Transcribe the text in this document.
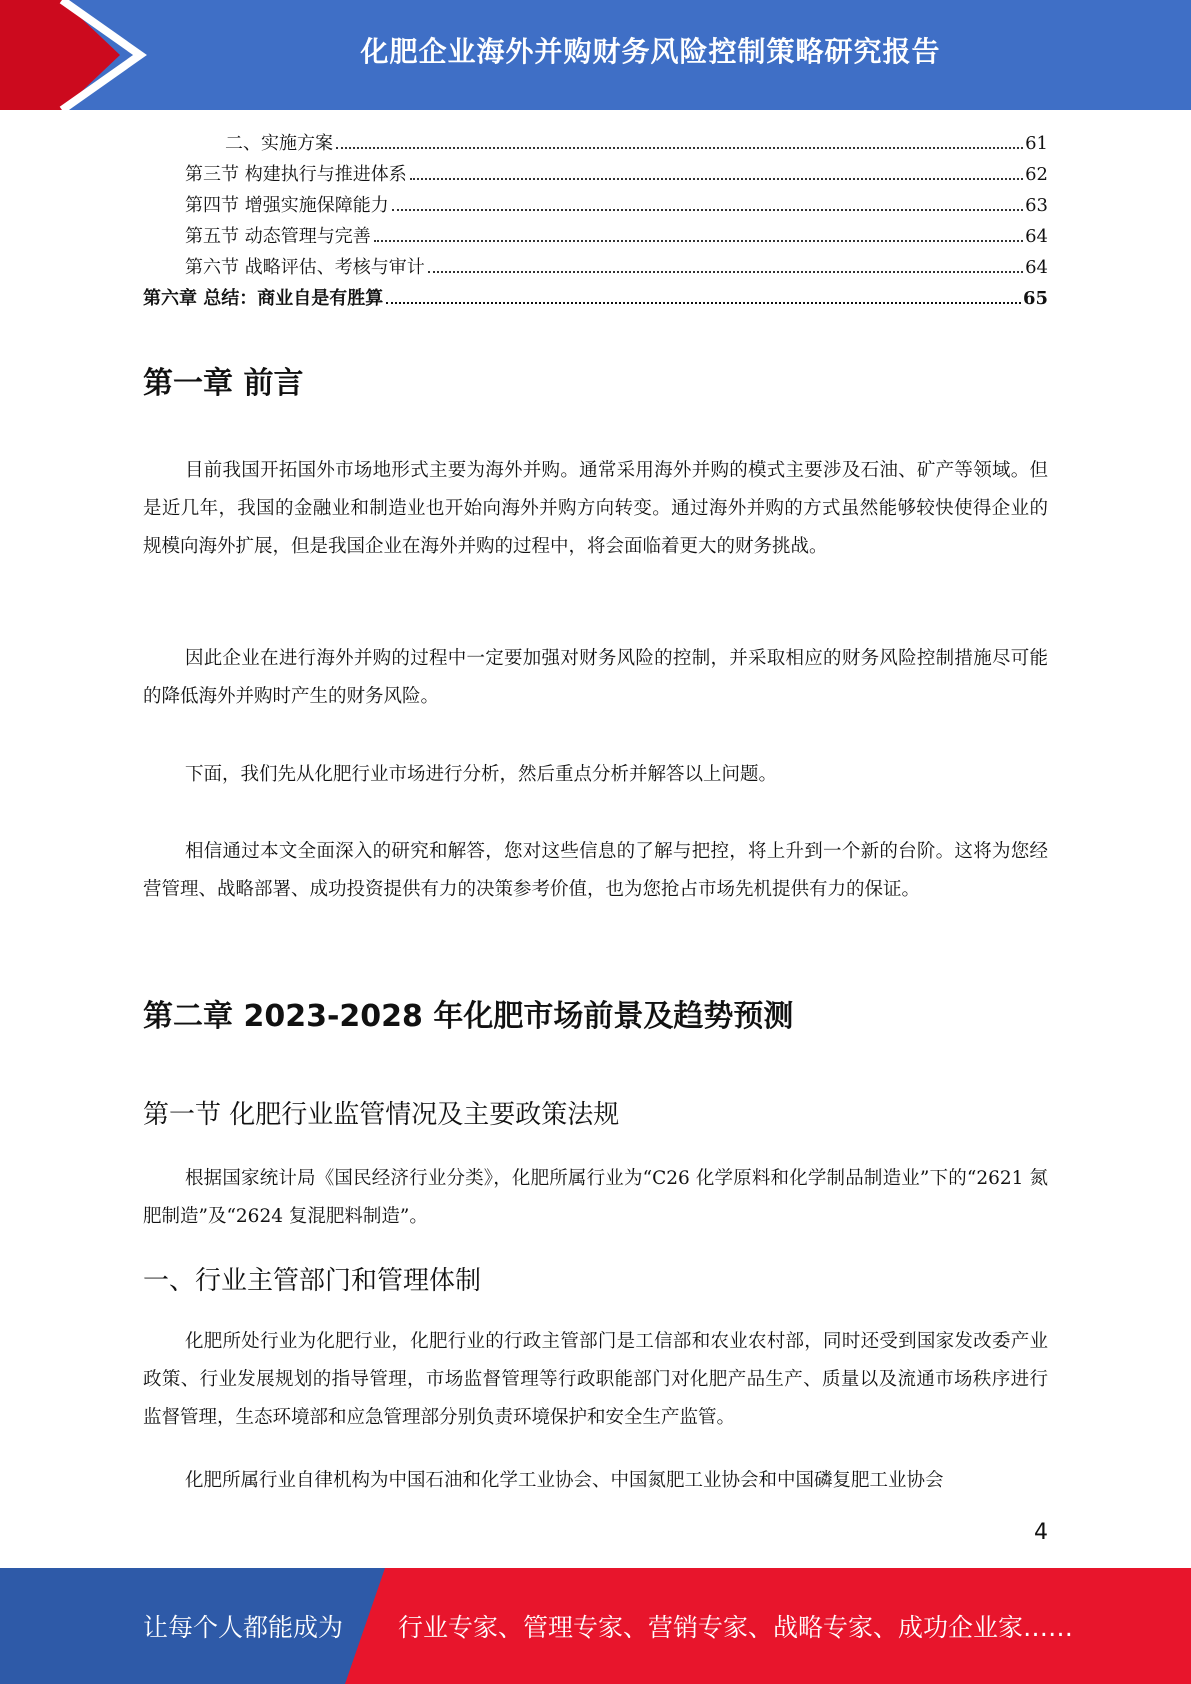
化肥企业海外并购财务风险控制策略研究报告
二、实施方案	61
第三节 构建执行与推进体系	62
第四节 增强实施保障能力	63
第五节 动态管理与完善	64
第六节 战略评估、考核与审计	64
第六章 总结：商业自是有胜算	65
第一章 前言

目前我国开拓国外市场地形式主要为海外并购。通常采用海外并购的模式主要涉及石油、矿产等领域。但是近几年，我国的金融业和制造业也开始向海外并购方向转变。通过海外并购的方式虽然能够较快使得企业的规模向海外扩展，但是我国企业在海外并购的过程中，将会面临着更大的财务挑战。

因此企业在进行海外并购的过程中一定要加强对财务风险的控制，并采取相应的财务风险控制措施尽可能的降低海外并购时产生的财务风险。

下面，我们先从化肥行业市场进行分析，然后重点分析并解答以上问题。

相信通过本文全面深入的研究和解答，您对这些信息的了解与把控，将上升到一个新的台阶。这将为您经营管理、战略部署、成功投资提供有力的决策参考价值，也为您抢占市场先机提供有力的保证。

第二章 2023-2028 年化肥市场前景及趋势预测
第一节 化肥行业监管情况及主要政策法规

根据国家统计局《国民经济行业分类》，化肥所属行业为“C26 化学原料和化学制品制造业”下的“2621 氮肥制造”及“2624 复混肥料制造”。

一、行业主管部门和管理体制

化肥所处行业为化肥行业，化肥行业的行政主管部门是工信部和农业农村部，同时还受到国家发改委产业政策、行业发展规划的指导管理，市场监督管理等行政职能部门对化肥产品生产、质量以及流通市场秩序进行监督管理，生态环境部和应急管理部分别负责环境保护和安全生产监管。

化肥所属行业自律机构为中国石油和化学工业协会、中国氮肥工业协会和中国磷复肥工业协会

4
让每个人都能成为 行业专家、管理专家、营销专家、战略专家、成功企业家……
